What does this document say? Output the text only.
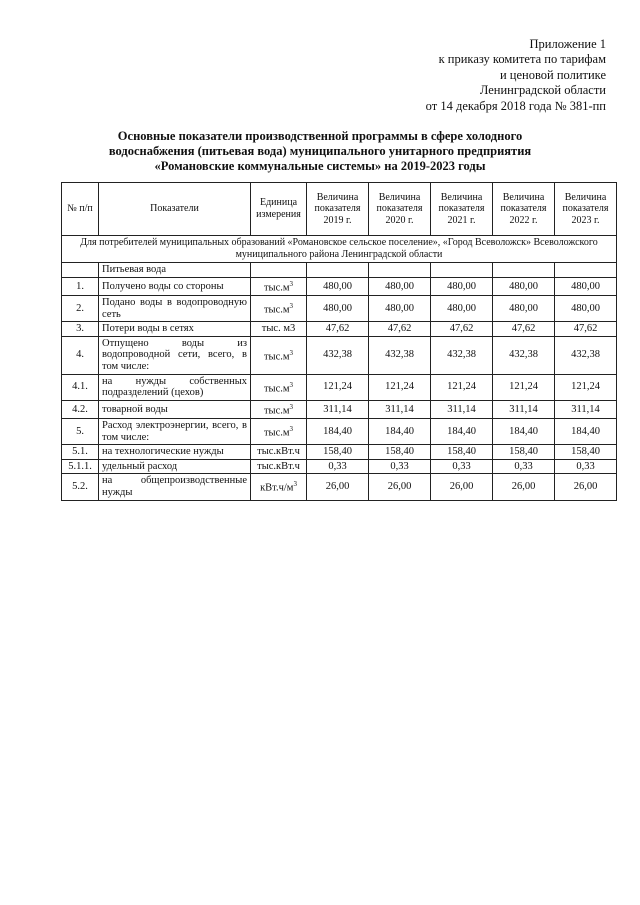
Приложение 1
к приказу комитета по тарифам
и ценовой политике
Ленинградской области
от 14 декабря 2018 года № 381-пп
Основные показатели производственной программы в сфере холодного
водоснабжения (питьевая вода) муниципального унитарного предприятия
«Романовские коммунальные системы» на 2019-2023 годы
№ п/п	Показатели	Единица измерения	Величина показателя 2019 г.	Величина показателя 2020 г.	Величина показателя 2021 г.	Величина показателя 2022 г.	Величина показателя 2023 г.
Для потребителей муниципальных образований «Романовское сельское поселение», «Город Всеволожск» Всеволожского муниципального района Ленинградской области							
	Питьевая вода						
1.	Получено воды со стороны	$тыс.м^3$	480,00	480,00	480,00	480,00	480,00
2.	Подано воды в водопроводную сеть	$тыс.м^3$	480,00	480,00	480,00	480,00	480,00
3.	Потери воды в сетях	тыс. м3	47,62	47,62	47,62	47,62	47,62
4.	Отпущено воды из водопроводной сети, всего, в том числе:	$тыс.м^3$	432,38	432,38	432,38	432,38	432,38
4.1.	на нужды собственных подразделений (цехов)	$тыс.м^3$	121,24	121,24	121,24	121,24	121,24
4.2.	товарной воды	$тыс.м^3$	311,14	311,14	311,14	311,14	311,14
5.	Расход электроэнергии, всего, в том числе:	$тыс.м^3$	184,40	184,40	184,40	184,40	184,40
5.1.	на технологические нужды	тыс.кВт.ч	158,40	158,40	158,40	158,40	158,40
5.1.1.	удельный расход	тыс.кВт.ч	0,33	0,33	0,33	0,33	0,33
5.2.	на общепроизводственные нужды	$кВт.ч/м^3$	26,00	26,00	26,00	26,00	26,00
